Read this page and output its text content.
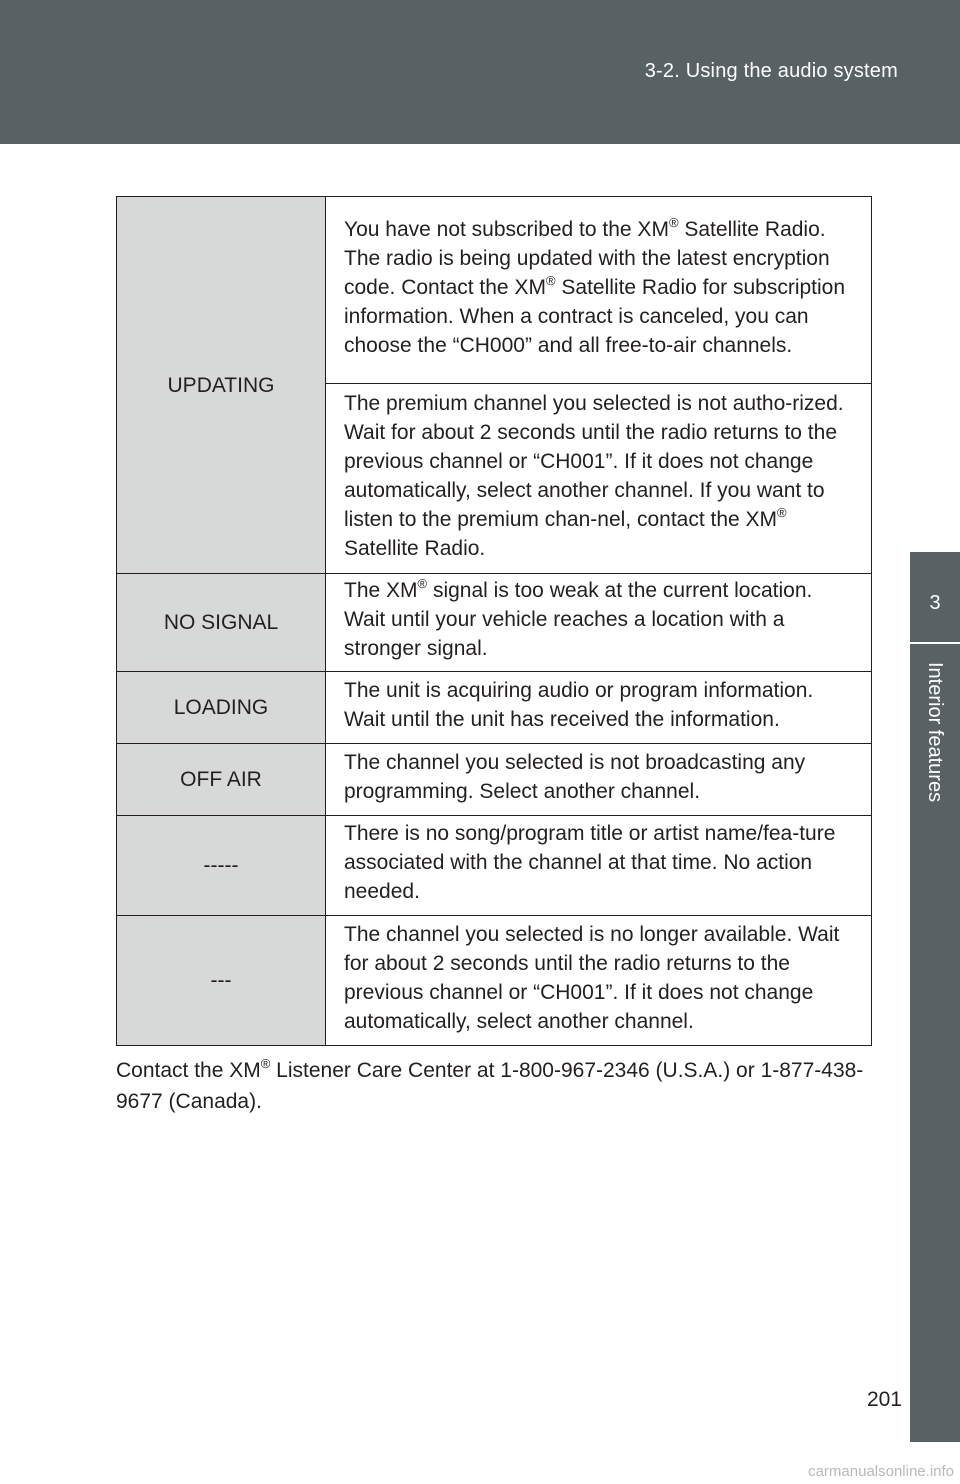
3-2. Using the audio system
3
Interior features
UPDATING	You have not subscribed to the XM® Satellite Radio. The radio is being updated with the latest encryption code. Contact the XM® Satellite Radio for subscription information. When a contract is canceled, you can choose the “CH000” and all free-to-air channels.
	The premium channel you selected is not autho-rized. Wait for about 2 seconds until the radio returns to the previous channel or “CH001”. If it does not change automatically, select another channel. If you want to listen to the premium chan-nel, contact the XM® Satellite Radio.
NO SIGNAL	The XM® signal is too weak at the current location. Wait until your vehicle reaches a location with a stronger signal.
LOADING	The unit is acquiring audio or program information. Wait until the unit has received the information.
OFF AIR	The channel you selected is not broadcasting any programming. Select another channel.
-----	There is no song/program title or artist name/fea-ture associated with the channel at that time. No action needed.
---	The channel you selected is no longer available. Wait for about 2 seconds until the radio returns to the previous channel or “CH001”. If it does not change automatically, select another channel.
Contact the XM® Listener Care Center at 1-800-967-2346 (U.S.A.) or 1-877-438-9677 (Canada).
201
carmanualsonline.info
